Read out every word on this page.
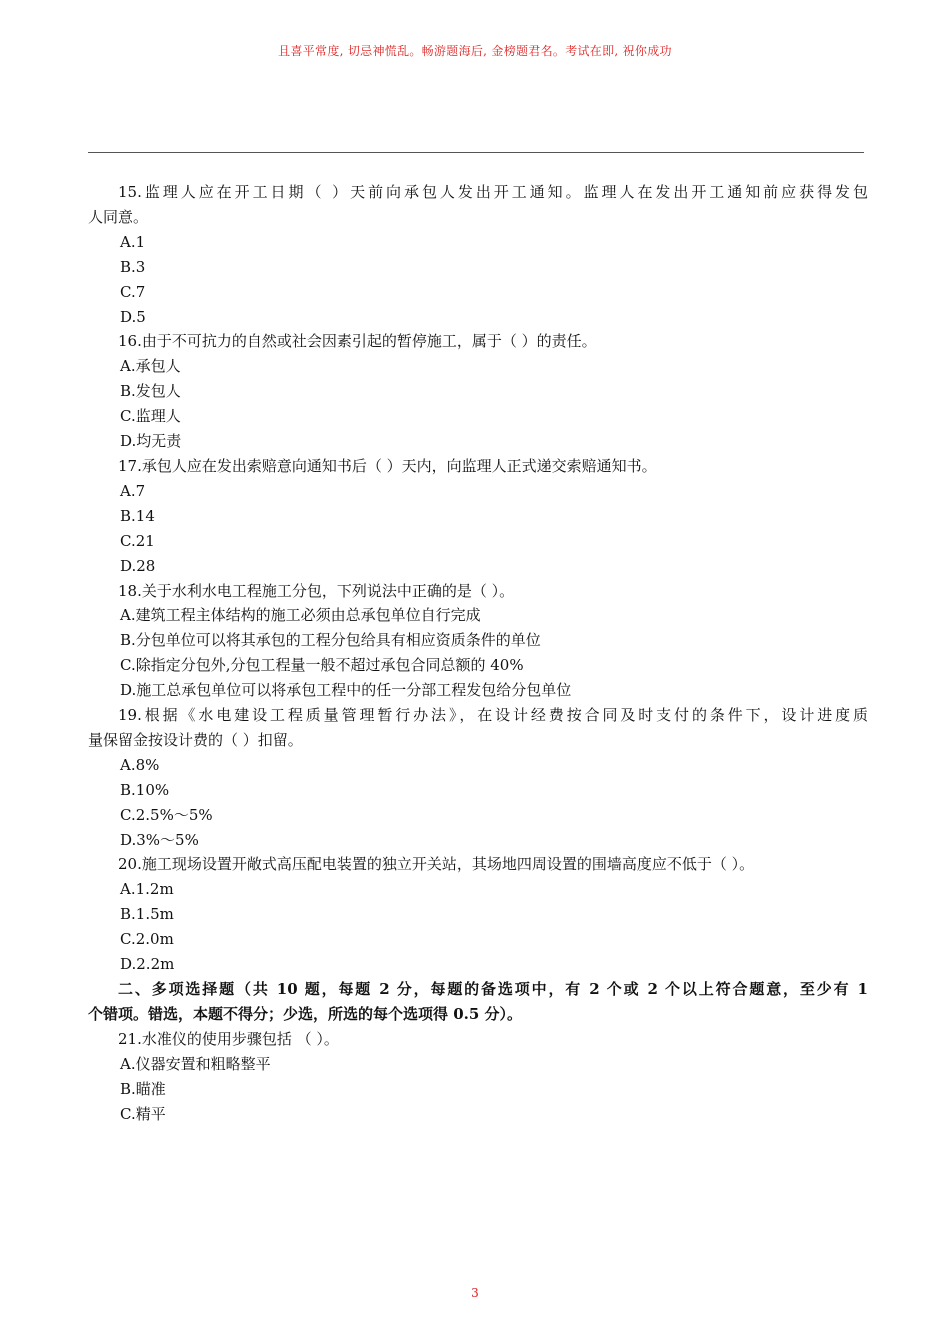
且喜平常度, 切忌神慌乱。畅游题海后, 金榜题君名。考试在即, 祝你成功
15.监理人应在开工日期（ ）天前向承包人发出开工通知。监理人在发出开工通知前应获得发包
人同意。
A.1
B.3
C.7
D.5
16.由于不可抗力的自然或社会因素引起的暂停施工，属于（ ）的责任。
A.承包人
B.发包人
C.监理人
D.均无责
17.承包人应在发出索赔意向通知书后（ ）天内，向监理人正式递交索赔通知书。
A.7
B.14
C.21
D.28
18.关于水利水电工程施工分包，下列说法中正确的是（ ）。
A.建筑工程主体结构的施工必须由总承包单位自行完成
B.分包单位可以将其承包的工程分包给具有相应资质条件的单位
C.除指定分包外,分包工程量一般不超过承包合同总额的 40%
D.施工总承包单位可以将承包工程中的任一分部工程发包给分包单位
19.根据《水电建设工程质量管理暂行办法》，在设计经费按合同及时支付的条件下，设计进度质
量保留金按设计费的（ ）扣留。
A.8%
B.10%
C.2.5%～5%
D.3%～5%
20.施工现场设置开敞式高压配电装置的独立开关站，其场地四周设置的围墙高度应不低于（ ）。
A.1.2m
B.1.5m
C.2.0m
D.2.2m
二、多项选择题（共 10 题，每题 2 分，每题的备选项中，有 2 个或 2 个以上符合题意，至少有 1
个错项。错选，本题不得分；少选，所选的每个选项得 0.5 分）。
21.水准仪的使用步骤包括 （ ）。
A.仪器安置和粗略整平
B.瞄准
C.精平
3
